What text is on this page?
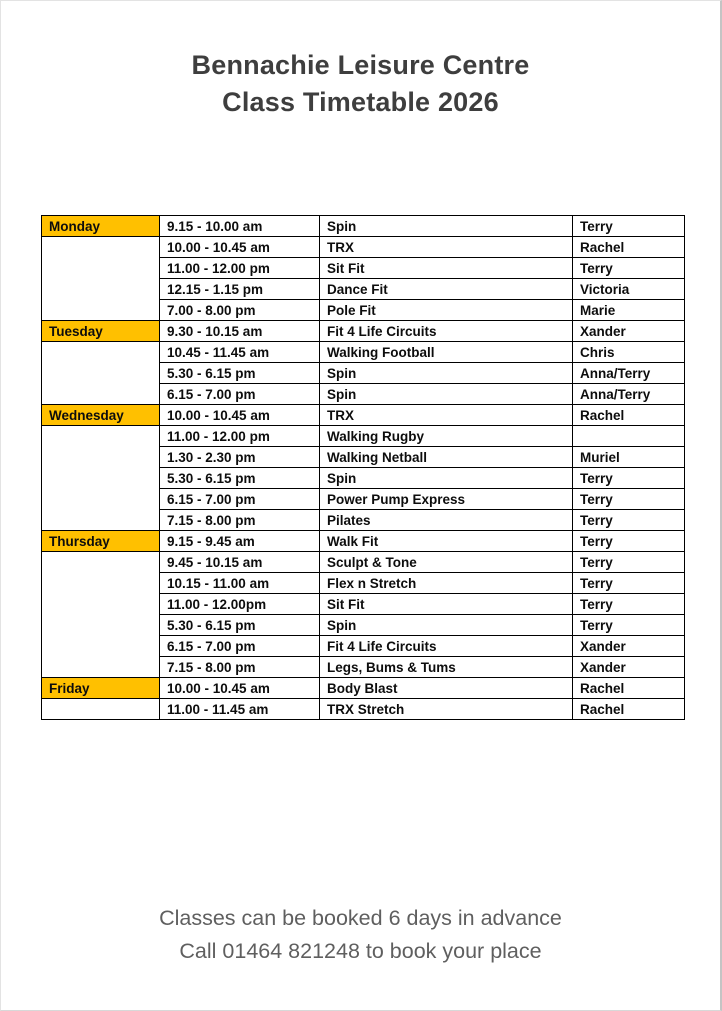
Bennachie Leisure Centre
Class Timetable 2026
Monday	9.15 - 10.00 am	Spin	Terry
	10.00 - 10.45 am	TRX	Rachel
	11.00 - 12.00 pm	Sit Fit	Terry
	12.15 - 1.15 pm	Dance Fit	Victoria
	7.00 - 8.00 pm	Pole Fit	Marie
Tuesday	9.30 - 10.15 am	Fit 4 Life Circuits	Xander
	10.45 - 11.45 am	Walking Football	Chris
	5.30 - 6.15 pm	Spin	Anna/Terry
	6.15 - 7.00 pm	Spin	Anna/Terry
Wednesday	10.00 - 10.45 am	TRX	Rachel
	11.00 - 12.00 pm	Walking Rugby	
	1.30 - 2.30 pm	Walking Netball	Muriel
	5.30 - 6.15 pm	Spin	Terry
	6.15 - 7.00 pm	Power Pump Express	Terry
	7.15 - 8.00 pm	Pilates	Terry
Thursday	9.15 - 9.45 am	Walk Fit	Terry
	9.45 - 10.15 am	Sculpt & Tone	Terry
	10.15 - 11.00 am	Flex n Stretch	Terry
	11.00 - 12.00pm	Sit Fit	Terry
	5.30 - 6.15 pm	Spin	Terry
	6.15 - 7.00 pm	Fit 4 Life Circuits	Xander
	7.15 - 8.00 pm	Legs, Bums & Tums	Xander
Friday	10.00 - 10.45 am	Body Blast	Rachel
	11.00 - 11.45 am	TRX Stretch	Rachel
Classes can be booked 6 days in advance
Call 01464 821248 to book your place
